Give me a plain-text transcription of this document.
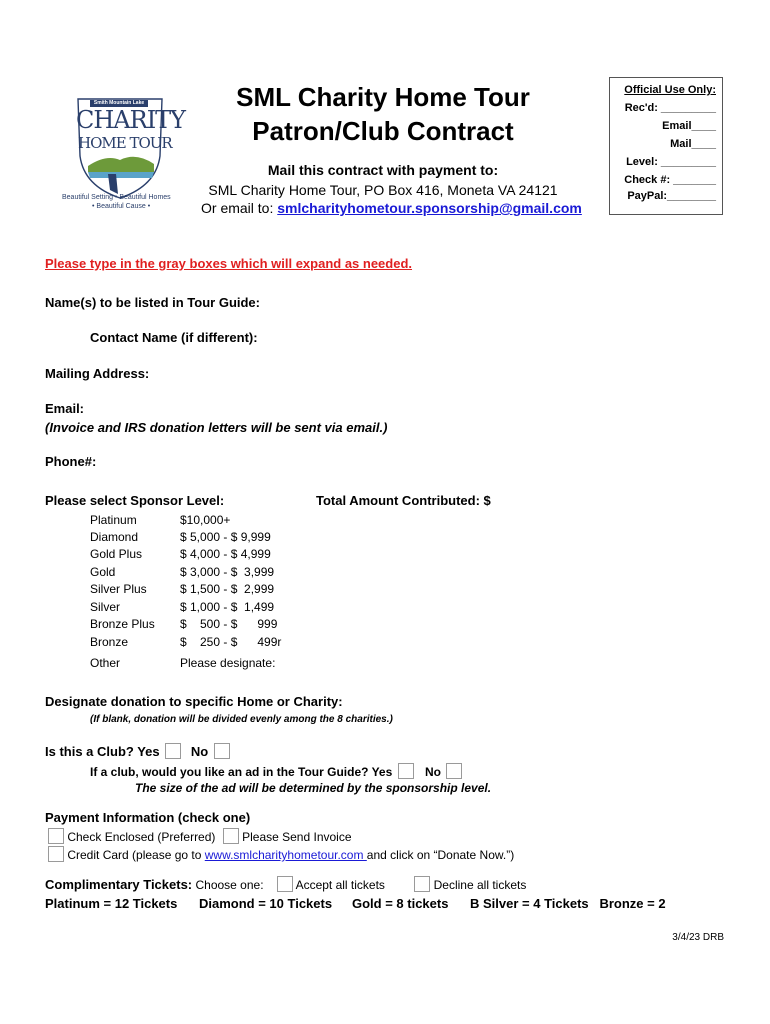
Smith Mountain Lake
CHARITY
HOME TOUR
Beautiful Setting • Beautiful Homes
• Beautiful Cause •
SML Charity Home Tour
Patron/Club Contract
Mail this contract with payment to:
SML Charity Home Tour, PO Box 416, Moneta VA 24121
Or email to: smlcharityhometour.sponsorship@gmail.com
Official Use Only:
Rec'd: _________
Email____
Mail____
Level: _________
Check #: _______
PayPal:________
Please type in the gray boxes which will expand as needed.
Name(s) to be listed in Tour Guide:
Contact Name (if different):
Mailing Address:
Email:
(Invoice and IRS donation letters will be sent via email.)
Phone#:
Please select Sponsor Level:	Total Amount Contributed: $
Platinum	$10,000+
Diamond	$ 5,000 - $ 9,999
Gold Plus	$ 4,000 - $ 4,999
Gold	$ 3,000 - $  3,999
Silver Plus	$ 1,500 - $  2,999
Silver	$ 1,000 - $  1,499
Bronze Plus $    500 - $      999
Bronze	$    250 - $      499r
Other	Please designate:
Designate donation to specific Home or Charity:
(If blank, donation will be divided evenly among the 8 charities.)
Is this a Club? Yes No
If a club, would you like an ad in the Tour Guide? Yes	No
The size of the ad will be determined by the sponsorship level.
Payment Information (check one)
Check Enclosed (Preferred) Please Send Invoice
Credit Card (please go to www.smlcharityhometour.com and click on “Donate Now.”)
Complimentary Tickets: Choose one:	Accept all tickets	Decline all tickets
Platinum = 12 Tickets Diamond = 10 Tickets Gold = 8 tickets B Silver = 4 Tickets   Bronze = 2
3/4/23 DRB
